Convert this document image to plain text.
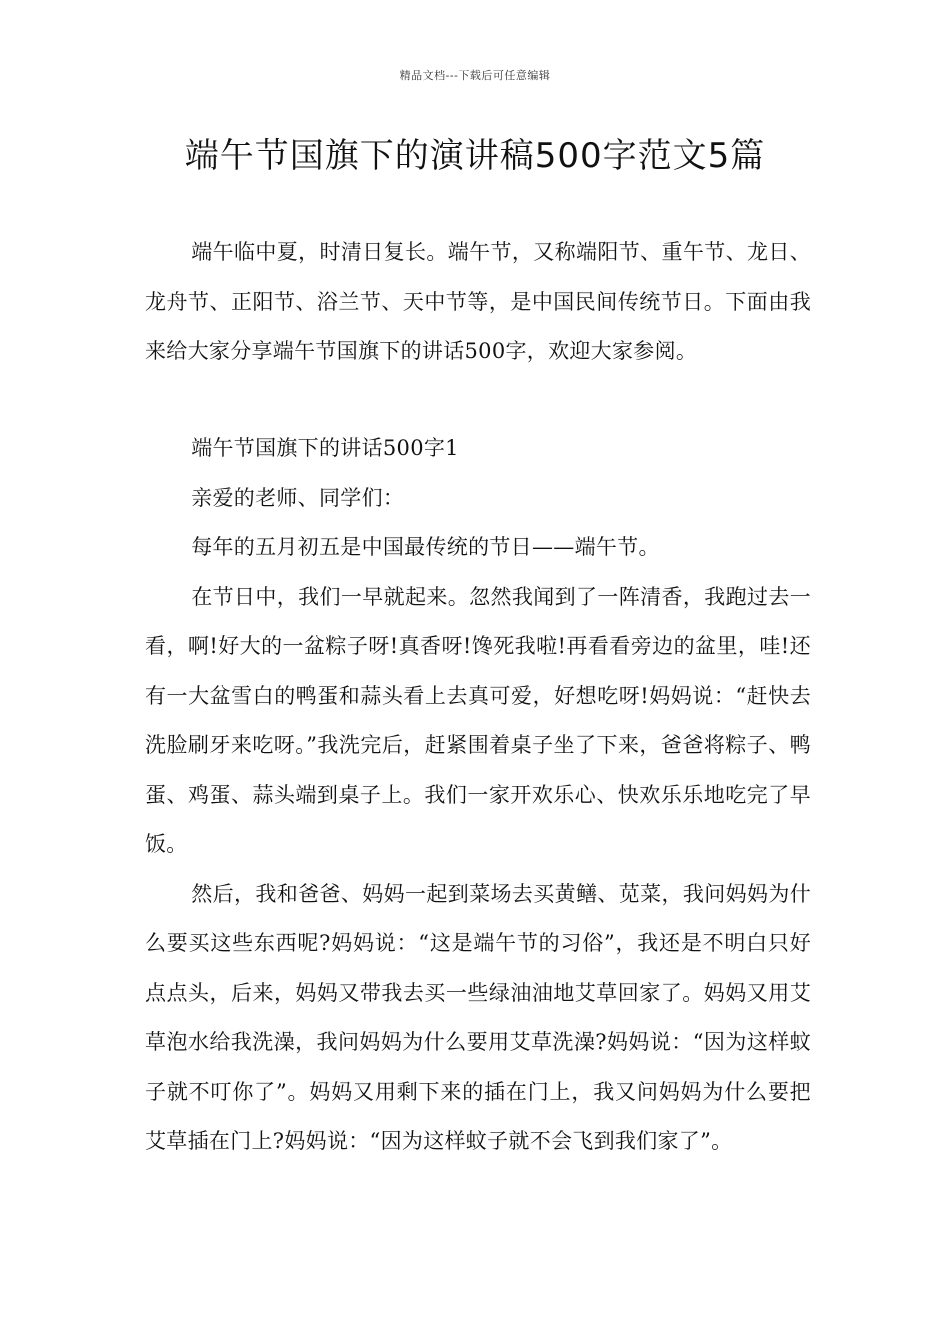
精品文档---下载后可任意编辑
端午节国旗下的演讲稿500字范文5篇

端午临中夏，时清日复长。端午节，又称端阳节、重午节、龙日、龙舟节、正阳节、浴兰节、天中节等，是中国民间传统节日。下面由我来给大家分享端午节国旗下的讲话500字，欢迎大家参阅。

端午节国旗下的讲话500字1

亲爱的老师、同学们：

每年的五月初五是中国最传统的节日——端午节。

在节日中，我们一早就起来。忽然我闻到了一阵清香，我跑过去一看，啊!好大的一盆粽子呀!真香呀!馋死我啦!再看看旁边的盆里，哇!还有一大盆雪白的鸭蛋和蒜头看上去真可爱，好想吃呀!妈妈说：“赶快去洗脸刷牙来吃呀。”我洗完后，赶紧围着桌子坐了下来，爸爸将粽子、鸭蛋、鸡蛋、蒜头端到桌子上。我们一家开欢乐心、快欢乐乐地吃完了早饭。

然后，我和爸爸、妈妈一起到菜场去买黄鳝、苋菜，我问妈妈为什么要买这些东西呢?妈妈说：“这是端午节的习俗”，我还是不明白只好点点头，后来，妈妈又带我去买一些绿油油地艾草回家了。妈妈又用艾草泡水给我洗澡，我问妈妈为什么要用艾草洗澡?妈妈说：“因为这样蚊子就不叮你了”。妈妈又用剩下来的插在门上，我又问妈妈为什么要把艾草插在门上?妈妈说：“因为这样蚊子就不会飞到我们家了”。
